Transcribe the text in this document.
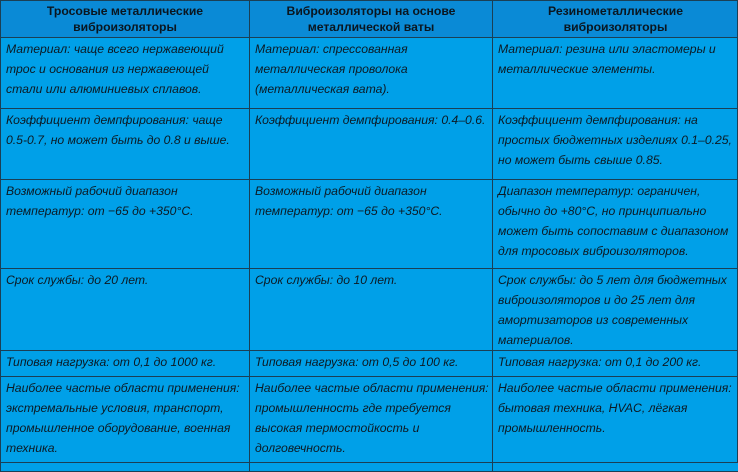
Тросовые металлические виброизоляторы	Виброизоляторы на основе металлической ваты	Резинометаллические виброизоляторы
Материал: чаще всего нержавеющий трос и основания из нержавеющей стали или алюминиевых сплавов.	Материал: спрессованная металлическая проволока (металлическая вата).	Материал: резина или эластомеры и металлические элементы.
Коэффициент демпфирования: чаще 0.5-0.7, но может быть до 0.8 и выше.	Коэффициент демпфирования: 0.4–0.6.	Коэффициент демпфирования: на простых бюджетных изделиях 0.1–0.25, но может быть свыше 0.85.
Возможный рабочий диапазон температур: от −65 до +350°С.	Возможный рабочий диапазон температур: от −65 до +350°С.	Диапазон температур: ограничен, обычно до +80°С, но принципиально может быть сопоставим с диапазоном для тросовых виброизоляторов.
Срок службы: до 20 лет.	Срок службы: до 10 лет.	Срок службы: до 5 лет для бюджетных виброизоляторов и до 25 лет для амортизаторов из современных материалов.
Типовая нагрузка: от 0,1 до 1000 кг.	Типовая нагрузка: от 0,5 до 100 кг.	Типовая нагрузка: от 0,1 до 200 кг.
Наиболее частые области применения: экстремальные условия, транспорт, промышленное оборудование, военная техника.	Наиболее частые области применения: промышленность где требуется высокая термостойкость и долговечность.	Наиболее частые области применения: бытовая техника, HVAC, лёгкая промышленность.
